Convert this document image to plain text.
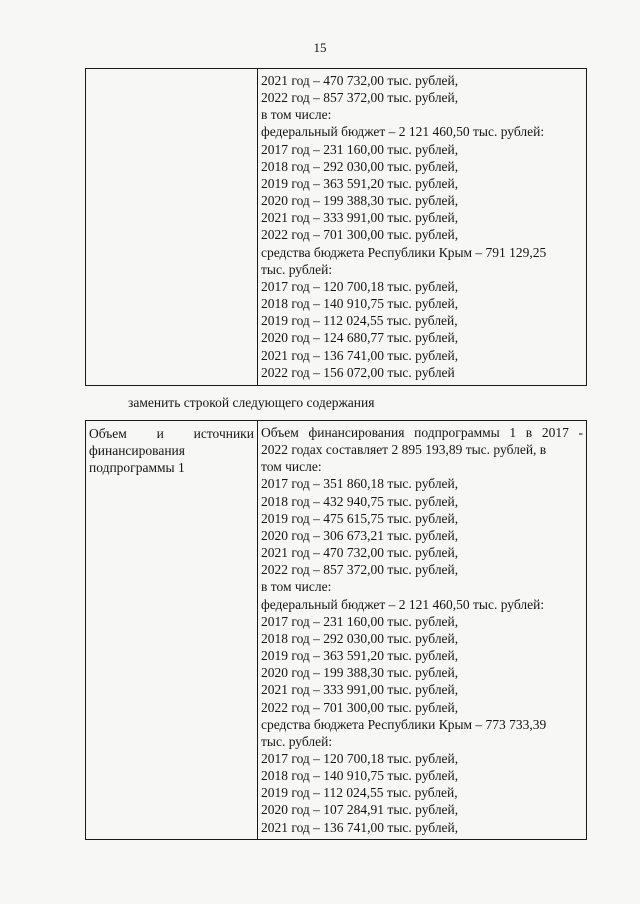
15
2021 год – 470 732,00 тыс. рублей,
2022 год – 857 372,00 тыс. рублей,
в том числе:
федеральный бюджет – 2 121 460,50 тыс. рублей:
2017 год – 231 160,00 тыс. рублей,
2018 год – 292 030,00 тыс. рублей,
2019 год – 363 591,20 тыс. рублей,
2020 год – 199 388,30 тыс. рублей,
2021 год – 333 991,00 тыс. рублей,
2022 год – 701 300,00 тыс. рублей,
средства бюджета Республики Крым – 791 129,25
тыс. рублей:
2017 год – 120 700,18 тыс. рублей,
2018 год – 140 910,75 тыс. рублей,
2019 год – 112 024,55 тыс. рублей,
2020 год – 124 680,77 тыс. рублей,
2021 год – 136 741,00 тыс. рублей,
2022 год – 156 072,00 тыс. рублей
заменить строкой следующего содержания
Объем и источники
финансирования
подпрограммы 1
Объем финансирования подпрограммы 1 в 2017 -
2022 годах составляет 2 895 193,89 тыс. рублей, в
том числе:
2017 год – 351 860,18 тыс. рублей,
2018 год – 432 940,75 тыс. рублей,
2019 год – 475 615,75 тыс. рублей,
2020 год – 306 673,21 тыс. рублей,
2021 год – 470 732,00 тыс. рублей,
2022 год – 857 372,00 тыс. рублей,
в том числе:
федеральный бюджет – 2 121 460,50 тыс. рублей:
2017 год – 231 160,00 тыс. рублей,
2018 год – 292 030,00 тыс. рублей,
2019 год – 363 591,20 тыс. рублей,
2020 год – 199 388,30 тыс. рублей,
2021 год – 333 991,00 тыс. рублей,
2022 год – 701 300,00 тыс. рублей,
средства бюджета Республики Крым – 773 733,39
тыс. рублей:
2017 год – 120 700,18 тыс. рублей,
2018 год – 140 910,75 тыс. рублей,
2019 год – 112 024,55 тыс. рублей,
2020 год – 107 284,91 тыс. рублей,
2021 год – 136 741,00 тыс. рублей,
